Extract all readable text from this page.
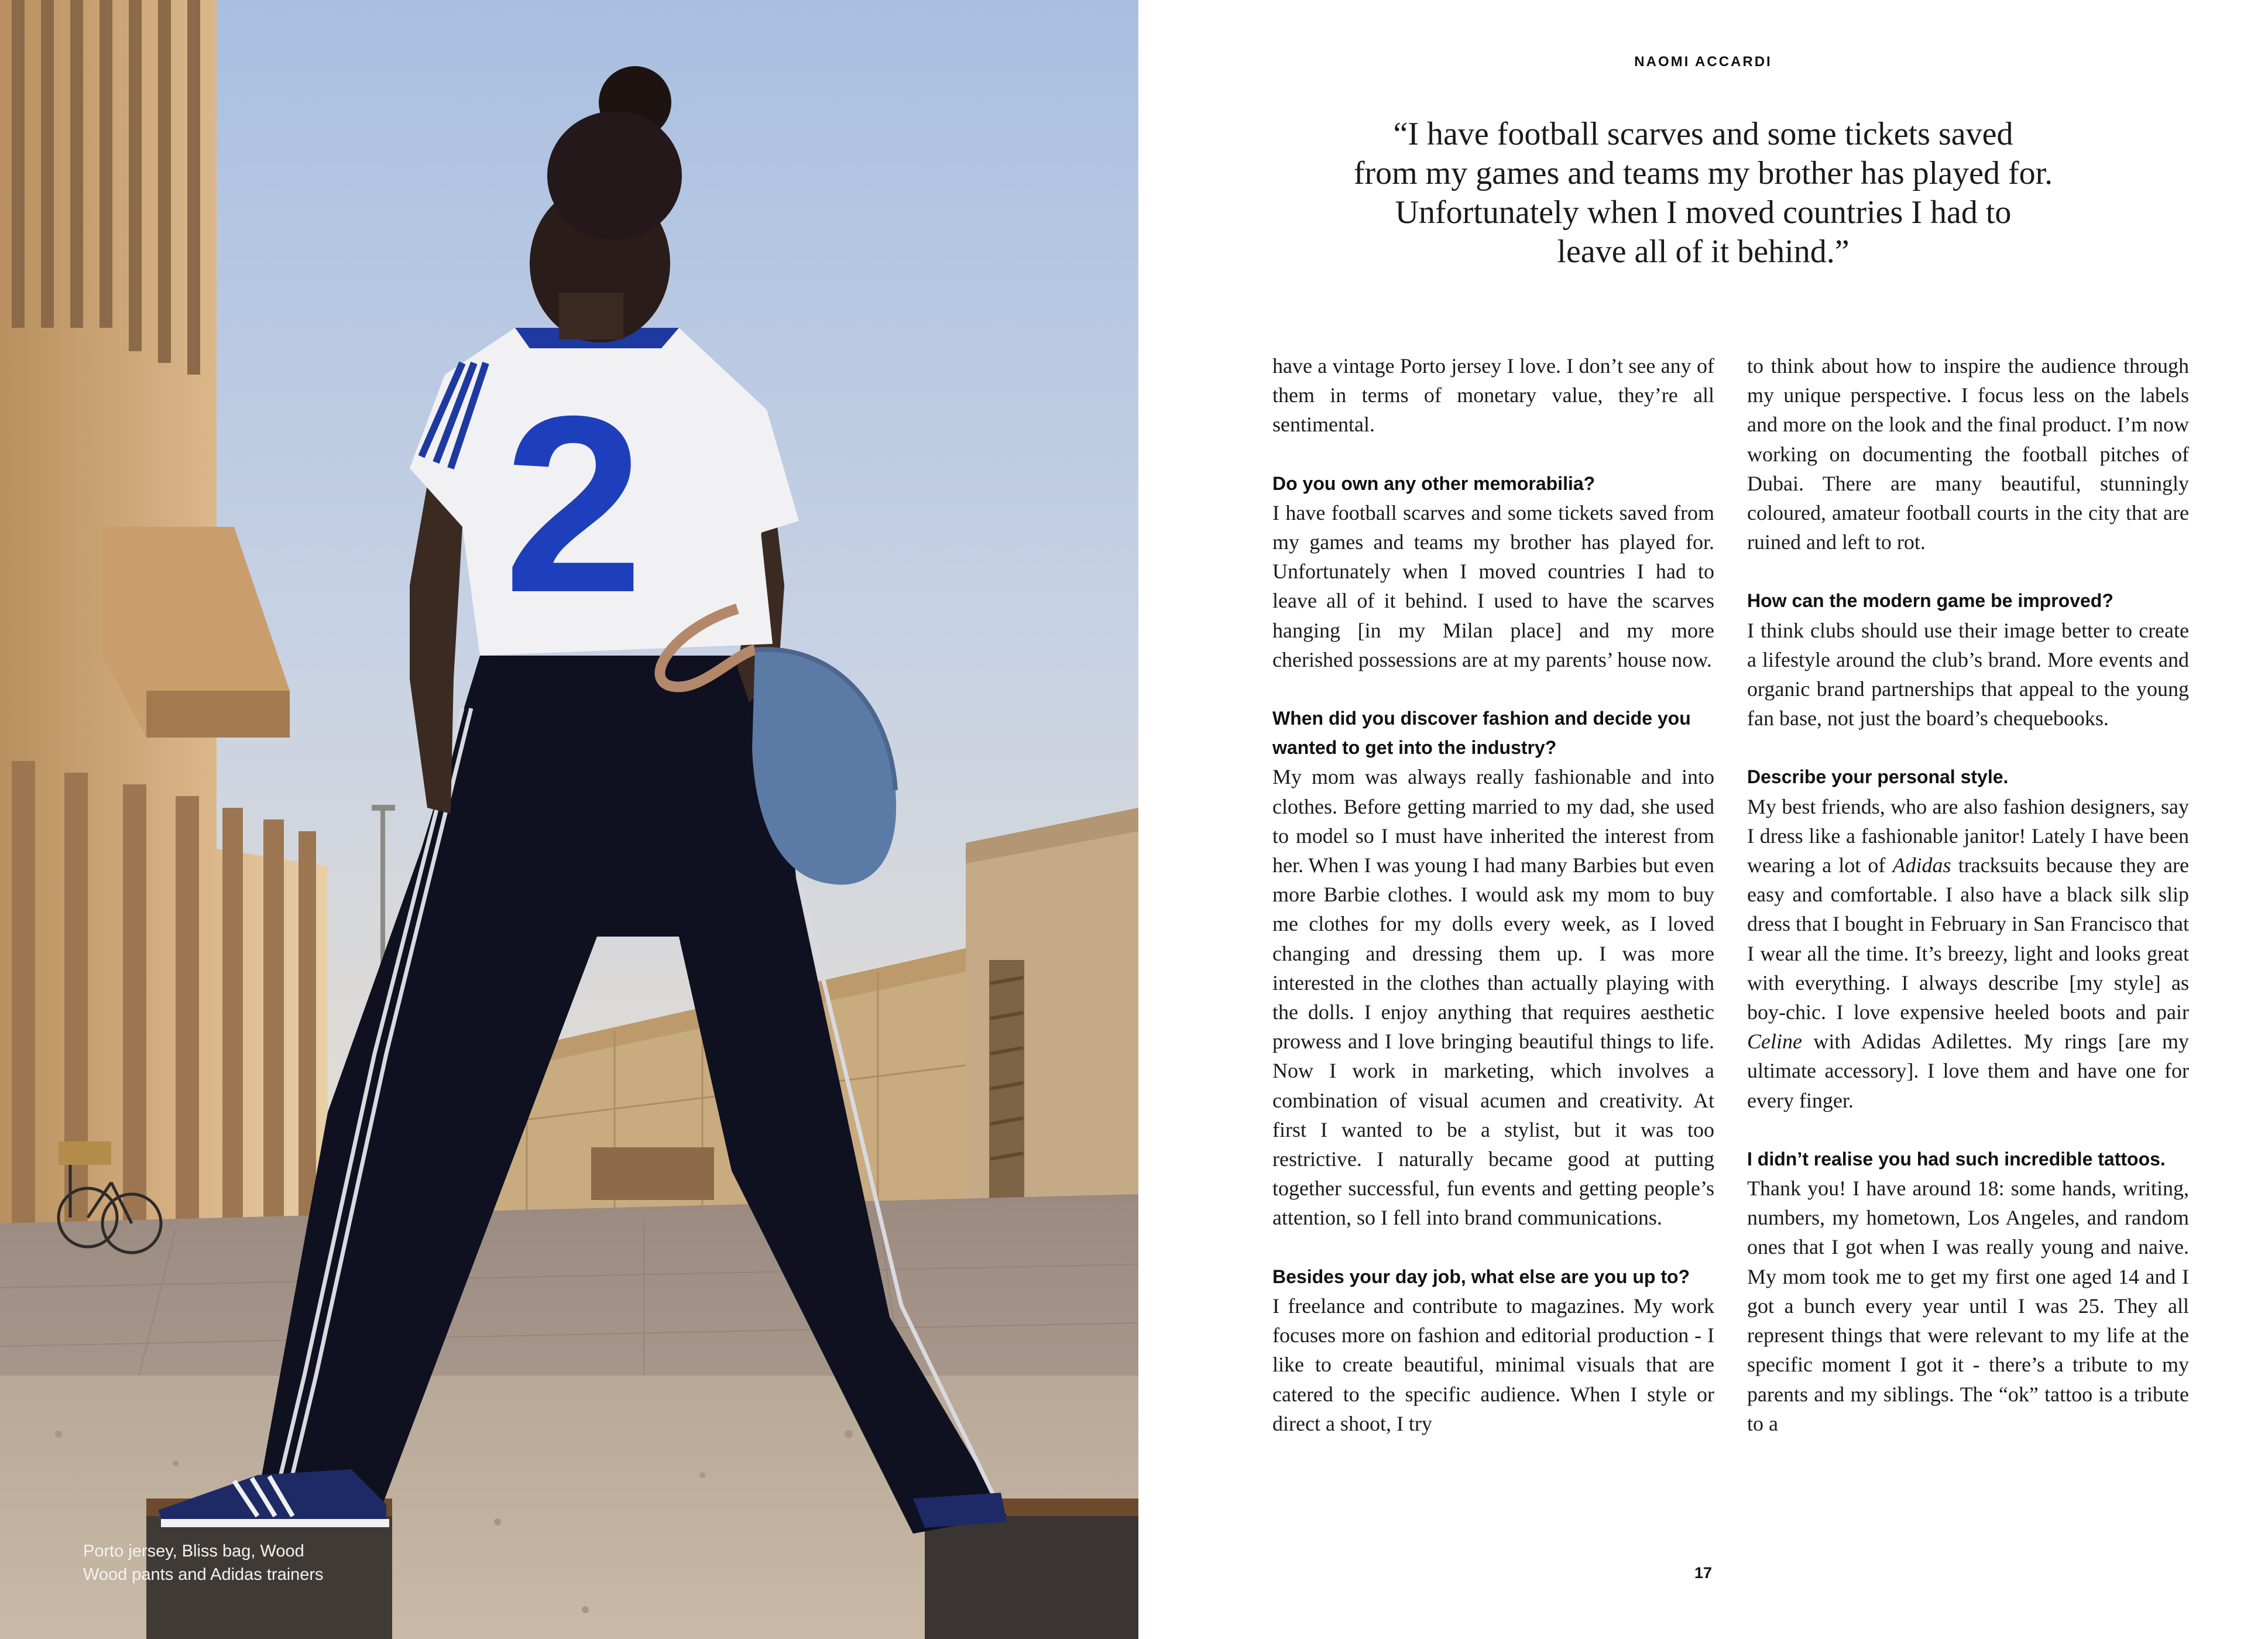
2
Porto jersey, Bliss bag, Wood
Wood pants and Adidas trainers
NAOMI ACCARDI
“I have football scarves and some tickets saved
from my games and teams my brother has played for.
Unfortunately when I moved countries I had to
leave all of it behind.”

have a vintage Porto jersey I love. I don’t see any of them in terms of monetary value, they’re all sentimental.

Do you own any other memorabilia?

I have football scarves and some tickets saved from my games and teams my brother has played for. Unfortunately when I moved countries I had to leave all of it behind. I used to have the scarves hanging [in my Milan place] and my more cherished possessions are at my parents’ house now.

When did you discover fashion and decide you wanted to get into the industry?

My mom was always really fashionable and into clothes. Before getting married to my dad, she used to model so I must have inherited the interest from her. When I was young I had many Barbies but even more Barbie clothes. I would ask my mom to buy me clothes for my dolls every week, as I loved changing and dressing them up. I was more interested in the clothes than actually playing with the dolls. I enjoy anything that requires aesthetic prowess and I love bringing beautiful things to life. Now I work in marketing, which involves a combination of visual acumen and creativity. At first I wanted to be a stylist, but it was too restrictive. I naturally became good at putting together successful, fun events and getting people’s attention, so I fell into brand communications.

Besides your day job, what else are you up to?

I freelance and contribute to magazines. My work focuses more on fashion and editorial production - I like to create beautiful, minimal visuals that are catered to the specific audience. When I style or direct a shoot, I try

to think about how to inspire the audience through my unique perspective. I focus less on the labels and more on the look and the final product. I’m now working on documenting the football pitches of Dubai. There are many beautiful, stunningly coloured, amateur football courts in the city that are ruined and left to rot.

How can the modern game be improved?

I think clubs should use their image better to create a lifestyle around the club’s brand. More events and organic brand partnerships that appeal to the young fan base, not just the board’s chequebooks.

Describe your personal style.

My best friends, who are also fashion designers, say I dress like a fashionable janitor! Lately I have been wearing a lot of Adidas tracksuits because they are easy and comfortable. I also have a black silk slip dress that I bought in February in San Francisco that I wear all the time. It’s breezy, light and looks great with everything. I always describe [my style] as boy-chic. I love expensive heeled boots and pair Celine with Adidas Adilettes. My rings [are my ultimate accessory]. I love them and have one for every finger.

I didn’t realise you had such incredible tattoos.

Thank you! I have around 18: some hands, writing, numbers, my hometown, Los Angeles, and random ones that I got when I was really young and naive. My mom took me to get my first one aged 14 and I got a bunch every year until I was 25. They all represent things that were relevant to my life at the specific moment I got it - there’s a tribute to my parents and my siblings. The “ok” tattoo is a tribute to a

17
